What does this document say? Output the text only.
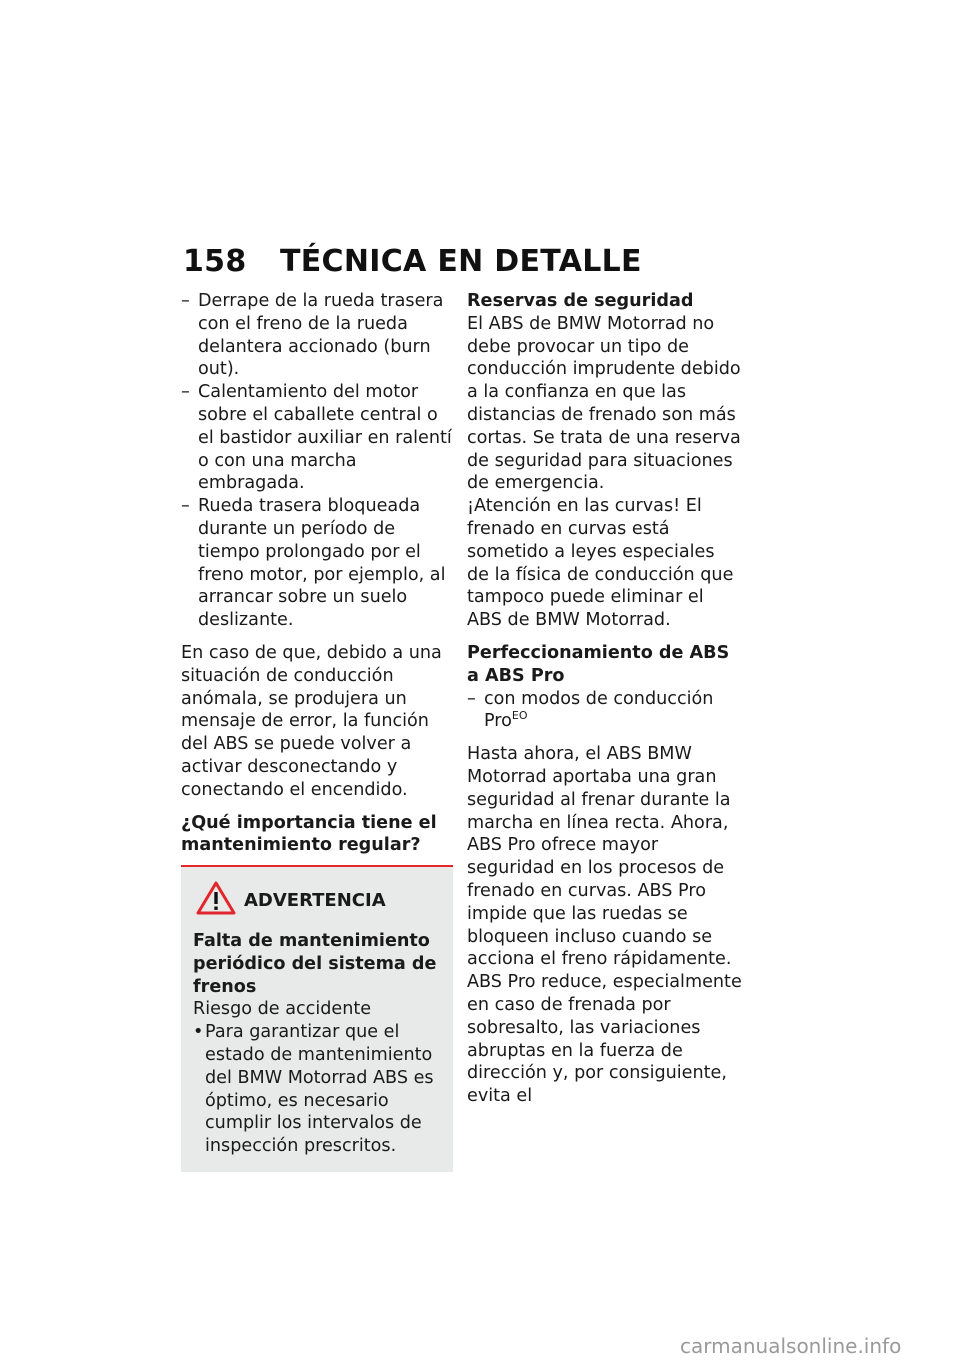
158	TÉCNICA EN DETALLE

– Derrape de la rueda trasera con el freno de la rueda delantera accionado (burn out).

– Calentamiento del motor sobre el caballete central o el bastidor auxiliar en ralentí o con una marcha embragada.

– Rueda trasera bloqueada durante un período de tiempo prolongado por el freno motor, por ejemplo, al arrancar sobre un suelo deslizante.

En caso de que, debido a una situación de conducción anómala, se produjera un mensaje de error, la función del ABS se puede volver a activar desconectando y conectando el encendido.

¿Qué importancia tiene el mantenimiento regular?

ADVERTENCIA

Falta de mantenimiento periódico del sistema de frenos

Riesgo de accidente

• Para garantizar que el estado de mantenimiento del BMW Motorrad ABS es óptimo, es necesario cumplir los intervalos de inspección prescritos.

Reservas de seguridad

El ABS de BMW Motorrad no debe provocar un tipo de conducción imprudente debido a la confianza en que las distancias de frenado son más cortas. Se trata de una reserva de seguridad para situaciones de emergencia.

¡Atención en las curvas! El frenado en curvas está sometido a leyes especiales de la física de conducción que tampoco puede eliminar el ABS de BMW Motorrad.

Perfeccionamiento de ABS a ABS Pro

– con modos de conducción Pro$^{EO}$

Hasta ahora, el ABS BMW Motorrad aportaba una gran seguridad al frenar durante la marcha en línea recta. Ahora, ABS Pro ofrece mayor seguridad en los procesos de frenado en curvas. ABS Pro impide que las ruedas se bloqueen incluso cuando se acciona el freno rápidamente. ABS Pro reduce, especialmente en caso de frenada por sobresalto, las variaciones abruptas en la fuerza de dirección y, por consiguiente, evita el

carmanualsonline.info
